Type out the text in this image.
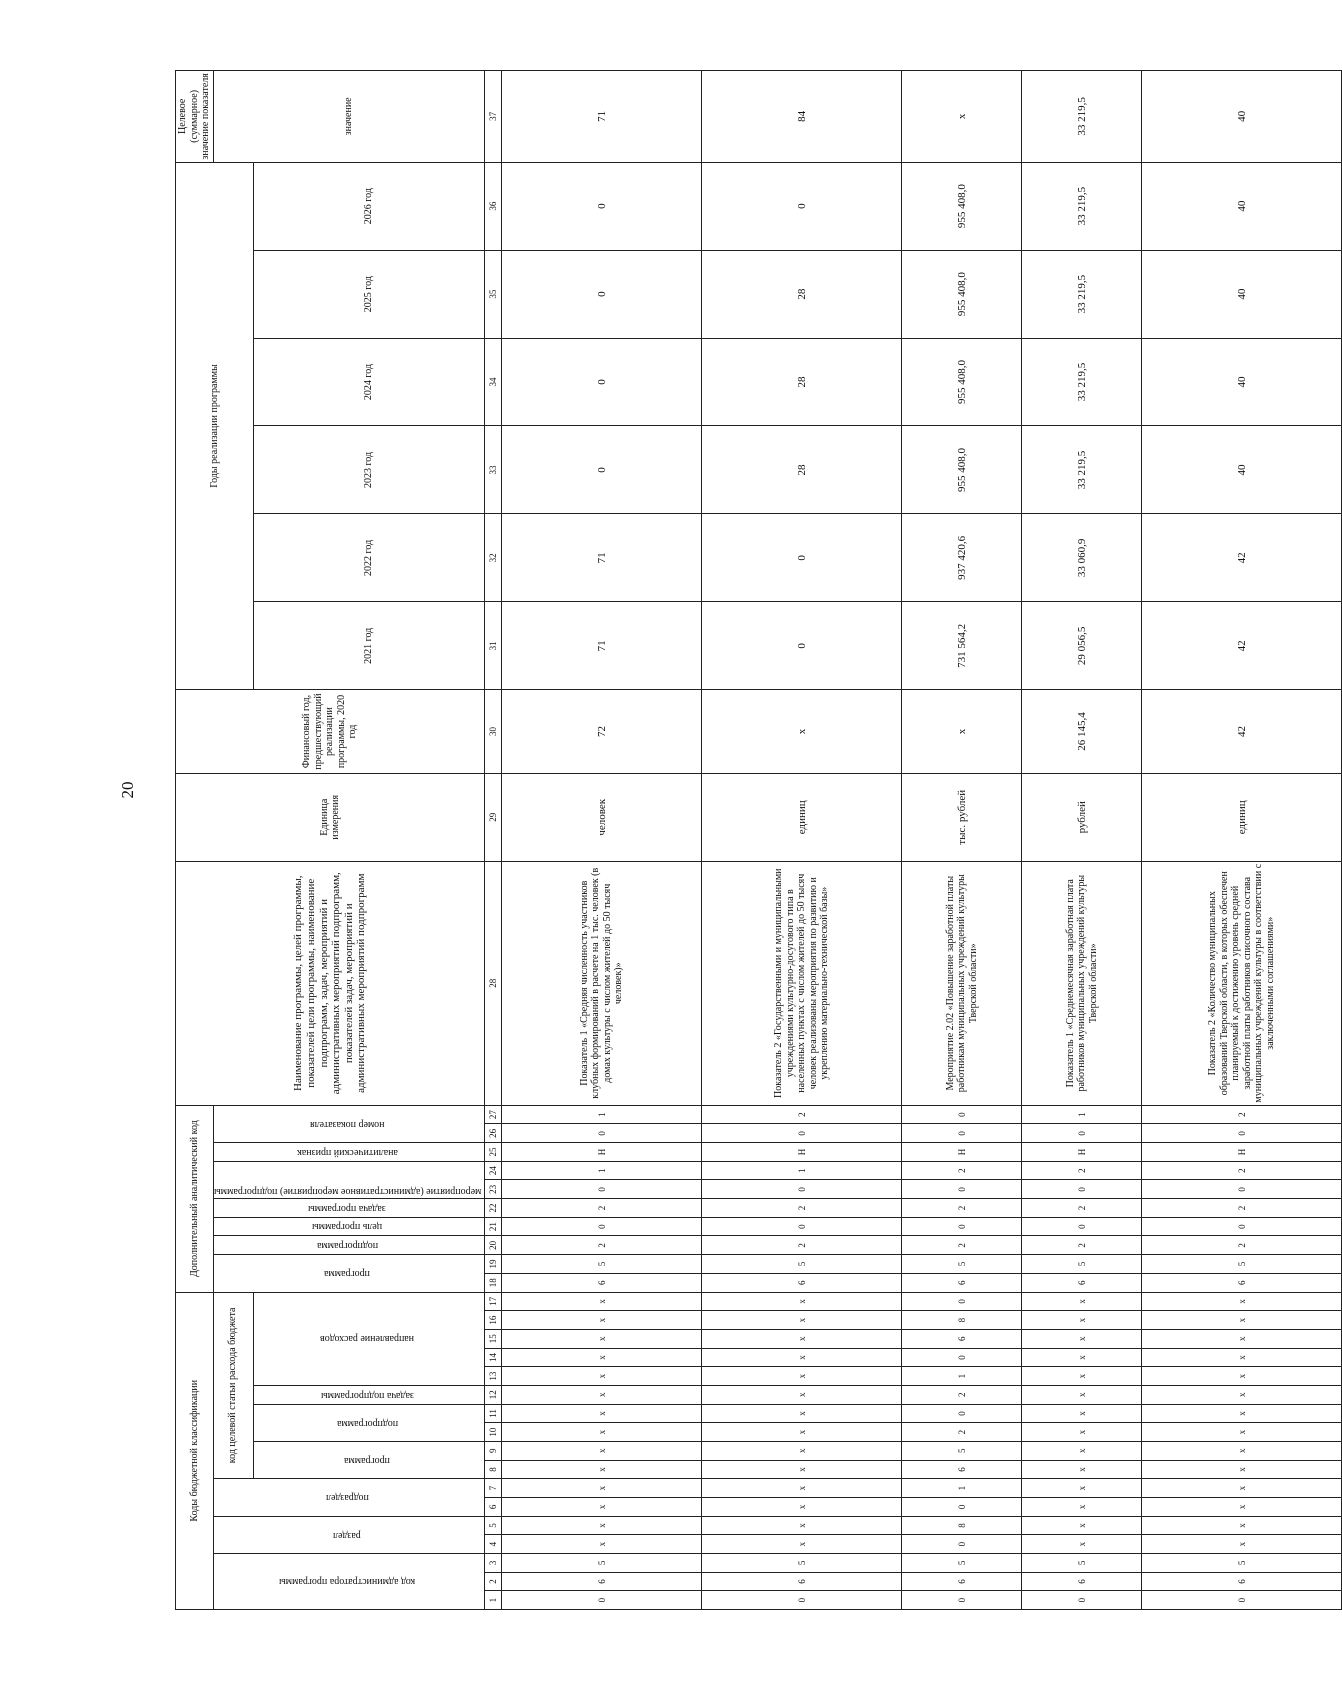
20
Коды бюджетной классификации																	Дополнительный аналитический код										Наименование программы, целей программы, показателей цели программы, наименование подпрограмм, задач, мероприятий и административных мероприятий подпрограмм, показателей задач, мероприятий и административных мероприятий подпрограмм	Единица измерения	Финансовый год, предшествующий реализации программы, 2020 год	Годы реализации программы						Целевое (суммарное) значение показателя
код администратора программы			раздел		подраздел		код целевой статьи расхода бюджета										программа		подпрограмма	цель программы	задача программы	мероприятие (административное мероприятие) подпрограммы		аналитический признак	номер показателя											значение
							программа		подпрограмма		задача подпрограммы	направление расходов																		2021 год	2022 год	2023 год	2024 год	2025 год	2026 год	
1	2	3	4	5	6	7	8	9	10	11	12	13	14	15	16	17	18	19	20	21	22	23	24	25	26	27	28	29	30	31	32	33	34	35	36	37
0	6	5	х	х	х	х	х	х	х	х	х	х	х	х	х	х	6	5	2	0	2	0	1	Н	0	1	Показатель 1 «Средняя численность участников клубных формирований в расчете на 1 тыс. человек (в домах культуры с числом жителей до 50 тысяч человек)»	человек	72	71	71	0	0	0	0	71
0	6	5	х	х	х	х	х	х	х	х	х	х	х	х	х	х	6	5	2	0	2	0	1	Н	0	2	Показатель 2 «Государственными и муниципальными учреждениями культурно-досугового типа в населенных пунктах с числом жителей до 50 тысяч человек реализованы мероприятия по развитию и укреплению материально-технической базы»	единиц	х	0	0	28	28	28	0	84
0	6	5	0	8	0	1	6	5	2	0	2	1	0	6	8	0	6	5	2	0	2	0	2	Н	0	0	Мероприятие 2.02 «Повышение заработной платы работникам муниципальных учреждений культуры Тверской области»	тыс. рублей	х	731 564,2	937 420,6	955 408,0	955 408,0	955 408,0	955 408,0	х
0	6	5	х	х	х	х	х	х	х	х	х	х	х	х	х	х	6	5	2	0	2	0	2	Н	0	1	Показатель 1 «Среднемесячная заработная плата работников муниципальных учреждений культуры Тверской области»	рублей	26 145,4	29 056,5	33 060,9	33 219,5	33 219,5	33 219,5	33 219,5	33 219,5
0	6	5	х	х	х	х	х	х	х	х	х	х	х	х	х	х	6	5	2	0	2	0	2	Н	0	2	Показатель 2 «Количество муниципальных образований Тверской области, в которых обеспечен планируемый к достижению уровень средней заработной платы работников списочного состава муниципальных учреждений культуры в соответствии с заключенными соглашениями»	единиц	42	42	42	40	40	40	40	40
